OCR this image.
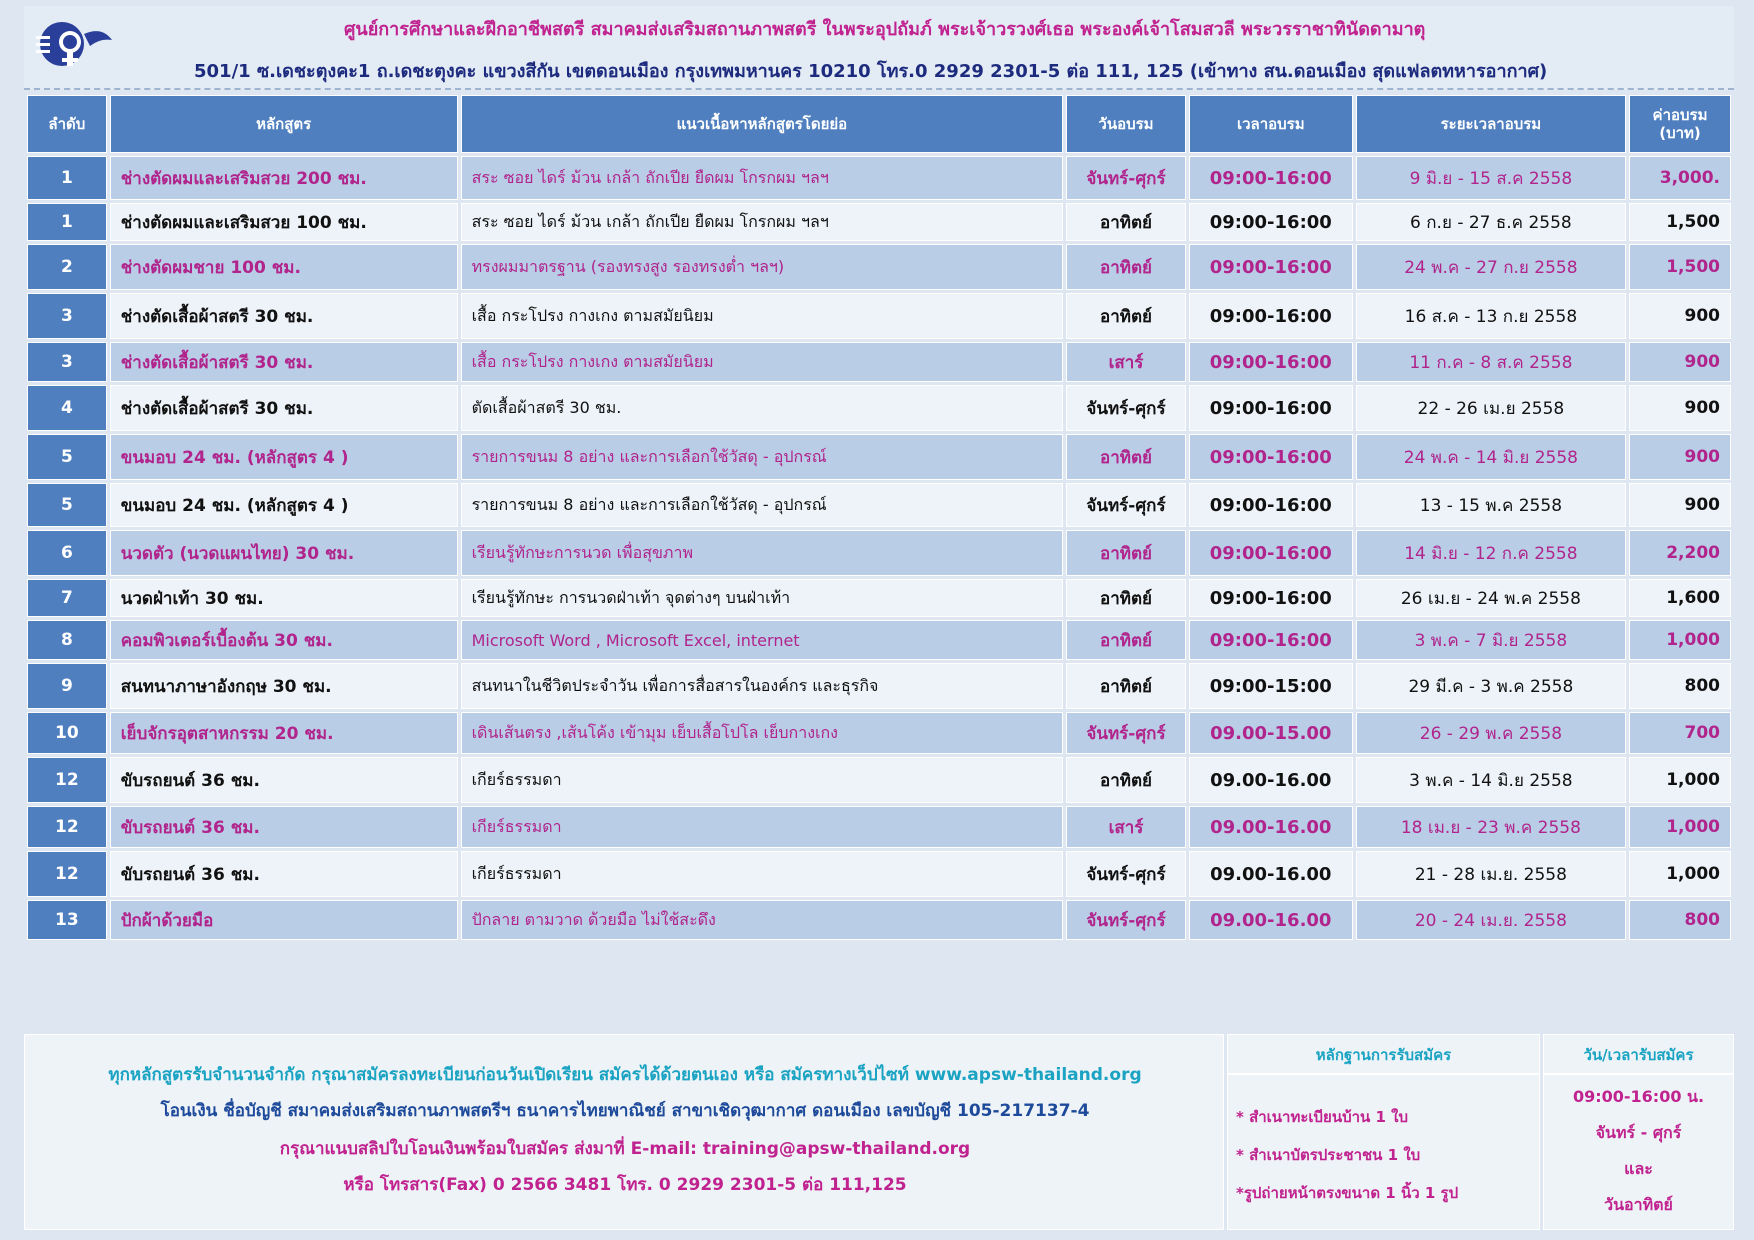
ศูนย์การศึกษาและฝึกอาชีพสตรี สมาคมส่งเสริมสถานภาพสตรี ในพระอุปถัมภ์ พระเจ้าวรวงศ์เธอ พระองค์เจ้าโสมสวลี พระวรราชาทินัดดามาตุ
501/1 ซ.เดชะตุงคะ1 ถ.เดชะตุงคะ แขวงสีกัน เขตดอนเมือง กรุงเทพมหานคร 10210 โทร.0 2929 2301-5 ต่อ 111, 125 (เข้าทาง สน.ดอนเมือง สุดแฟลตทหารอากาศ)
ลำดับ	หลักสูตร	แนวเนื้อหาหลักสูตรโดยย่อ	วันอบรม	เวลาอบรม	ระยะเวลาอบรม	ค่าอบรม
(บาท)

1	ช่างตัดผมและเสริมสวย 200 ชม.	สระ ซอย ไดร์ ม้วน เกล้า ถักเปีย ยืดผม โกรกผม ฯลฯ	จันทร์-ศุกร์	09:00-16:00	9 มิ.ย - 15 ส.ค 2558	3,000.
1	ช่างตัดผมและเสริมสวย 100 ชม.	สระ ซอย ไดร์ ม้วน เกล้า ถักเปีย ยืดผม โกรกผม ฯลฯ	อาทิตย์	09:00-16:00	6 ก.ย - 27 ธ.ค 2558	1,500
2	ช่างตัดผมชาย 100 ชม.	ทรงผมมาตรฐาน (รองทรงสูง รองทรงต่ำ ฯลฯ)	อาทิตย์	09:00-16:00	24 พ.ค - 27 ก.ย 2558	1,500
3	ช่างตัดเสื้อผ้าสตรี 30 ชม.	เสื้อ กระโปรง กางเกง ตามสมัยนิยม	อาทิตย์	09:00-16:00	16 ส.ค - 13 ก.ย 2558	900
3	ช่างตัดเสื้อผ้าสตรี 30 ชม.	เสื้อ กระโปรง กางเกง ตามสมัยนิยม	เสาร์	09:00-16:00	11 ก.ค - 8 ส.ค 2558	900
4	ช่างตัดเสื้อผ้าสตรี 30 ชม.	ตัดเสื้อผ้าสตรี 30 ชม.	จันทร์-ศุกร์	09:00-16:00	22 - 26 เม.ย 2558	900
5	ขนมอบ 24 ชม. (หลักสูตร 4 )	รายการขนม 8 อย่าง และการเลือกใช้วัสดุ - อุปกรณ์	อาทิตย์	09:00-16:00	24 พ.ค - 14 มิ.ย 2558	900
5	ขนมอบ 24 ชม. (หลักสูตร 4 )	รายการขนม 8 อย่าง และการเลือกใช้วัสดุ - อุปกรณ์	จันทร์-ศุกร์	09:00-16:00	13 - 15 พ.ค 2558	900
6	นวดตัว (นวดแผนไทย) 30 ชม.	เรียนรู้ทักษะการนวด เพื่อสุขภาพ	อาทิตย์	09:00-16:00	14 มิ.ย - 12 ก.ค 2558	2,200
7	นวดฝ่าเท้า 30 ชม.	เรียนรู้ทักษะ การนวดฝ่าเท้า จุดต่างๆ บนฝ่าเท้า	อาทิตย์	09:00-16:00	26 เม.ย - 24 พ.ค 2558	1,600
8	คอมพิวเตอร์เบื้องต้น 30 ชม.	Microsoft Word , Microsoft Excel, internet	อาทิตย์	09:00-16:00	3 พ.ค - 7 มิ.ย 2558	1,000
9	สนทนาภาษาอังกฤษ 30 ชม.	สนทนาในชีวิตประจำวัน เพื่อการสื่อสารในองค์กร และธุรกิจ	อาทิตย์	09:00-15:00	29 มี.ค - 3 พ.ค 2558	800
10	เย็บจักรอุตสาหกรรม 20 ชม.	เดินเส้นตรง ,เส้นโค้ง เข้ามุม เย็บเสื้อโปโล เย็บกางเกง	จันทร์-ศุกร์	09.00-15.00	26 - 29 พ.ค 2558	700
12	ขับรถยนต์ 36 ชม.	เกียร์ธรรมดา	อาทิตย์	09.00-16.00	3 พ.ค - 14 มิ.ย 2558	1,000
12	ขับรถยนต์ 36 ชม.	เกียร์ธรรมดา	เสาร์	09.00-16.00	18 เม.ย - 23 พ.ค 2558	1,000
12	ขับรถยนต์ 36 ชม.	เกียร์ธรรมดา	จันทร์-ศุกร์	09.00-16.00	21 - 28 เม.ย. 2558	1,000
13	ปักผ้าด้วยมือ	ปักลาย ตามวาด ด้วยมือ ไม่ใช้สะดึง	จันทร์-ศุกร์	09.00-16.00	20 - 24 เม.ย. 2558	800
ทุกหลักสูตรรับจำนวนจำกัด กรุณาสมัครลงทะเบียนก่อนวันเปิดเรียน สมัครได้ด้วยตนเอง หรือ สมัครทางเว็ปไซท์ www.apsw-thailand.org
โอนเงิน ชื่อบัญชี สมาคมส่งเสริมสถานภาพสตรีฯ ธนาคารไทยพาณิชย์ สาขาเชิดวุฒากาศ ดอนเมือง เลขบัญชี 105-217137-4
กรุณาแนบสลิปใบโอนเงินพร้อมใบสมัคร ส่งมาที่ E-mail: training@apsw-thailand.org
หรือ โทรสาร(Fax) 0 2566 3481 โทร. 0 2929 2301-5 ต่อ 111,125
หลักฐานการรับสมัคร
* สำเนาทะเบียนบ้าน 1 ใบ
* สำเนาบัตรประชาชน 1 ใบ
*รูปถ่ายหน้าตรงขนาด 1 นิ้ว 1 รูป
วัน/เวลารับสมัคร
09:00-16:00 น.
จันทร์ - ศุกร์
และ
วันอาทิตย์
